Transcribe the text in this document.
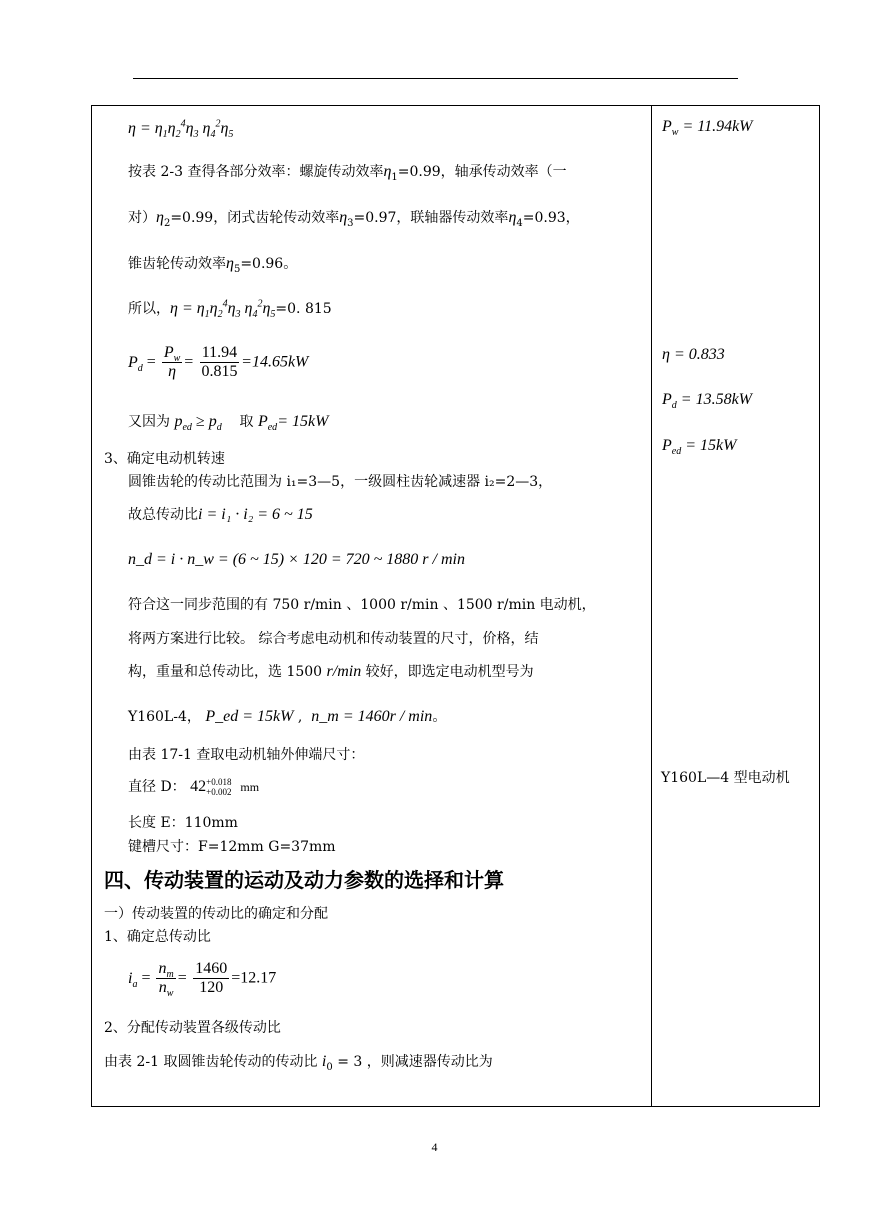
$\eta = \eta_1\eta_2^4\eta_3$ $\eta_4^2\eta_5$
按表 2-3 查得各部分效率：螺旋传动效率$\eta_1=0.99$，轴承传动效率（一
对）$\eta_2=0.99$，闭式齿轮传动效率$\eta_3=0.97$，联轴器传动效率$\eta_4=0.93$，
锥齿轮传动效率$\eta_5=0.96$。
所以，$\eta = \eta_1\eta_2^4\eta_3$ $\eta_4^2\eta_5=0$. 815
$P_d = \frac{P_w}{\eta} = \frac{11.94}{0.815} =14.65kW$
又因为 $p_{ed} \ge p_d$ 取 $P_{ed}= 15kW$
3、确定电动机转速
圆锥齿轮的传动比范围为 i₁=3—5，一级圆柱齿轮减速器 i₂=2—3，
故总传动比i = i₁ · i₂ = 6 ~ 15
n_d = i · n_w = (6 ~ 15) × 120 = 720 ~ 1880 r / min
符合这一同步范围的有 750 r/min 、1000 r/min 、1500 r/min 电动机，
将两方案进行比较。 综合考虑电动机和传动装置的尺寸，价格，结
构，重量和总传动比，选 1500 r/min 较好，即选定电动机型号为
Y160L-4， P_ed = 15kW ,  n_m = 1460r / min。
由表 17-1 查取电动机轴外伸端尺寸：
直径 D： 42 +0.018
+0.002 mm
长度 E：110mm
键槽尺寸：F=12mm G=37mm
四、传动装置的运动及动力参数的选择和计算
一）传动装置的传动比的确定和分配
1、确定总传动比
$i_a = \frac{n_m}{n_w} = \frac{1460}{120} =12.17$
2、分配传动装置各级传动比
由表 2-1 取圆锥齿轮传动的传动比 $i_0 = 3$ ，则减速器传动比为
$P_w = 11.94kW$
η = 0.833
$P_d = 13.58kW$
$P_{ed} = 15kW$
Y160L—4 型电动机
4
